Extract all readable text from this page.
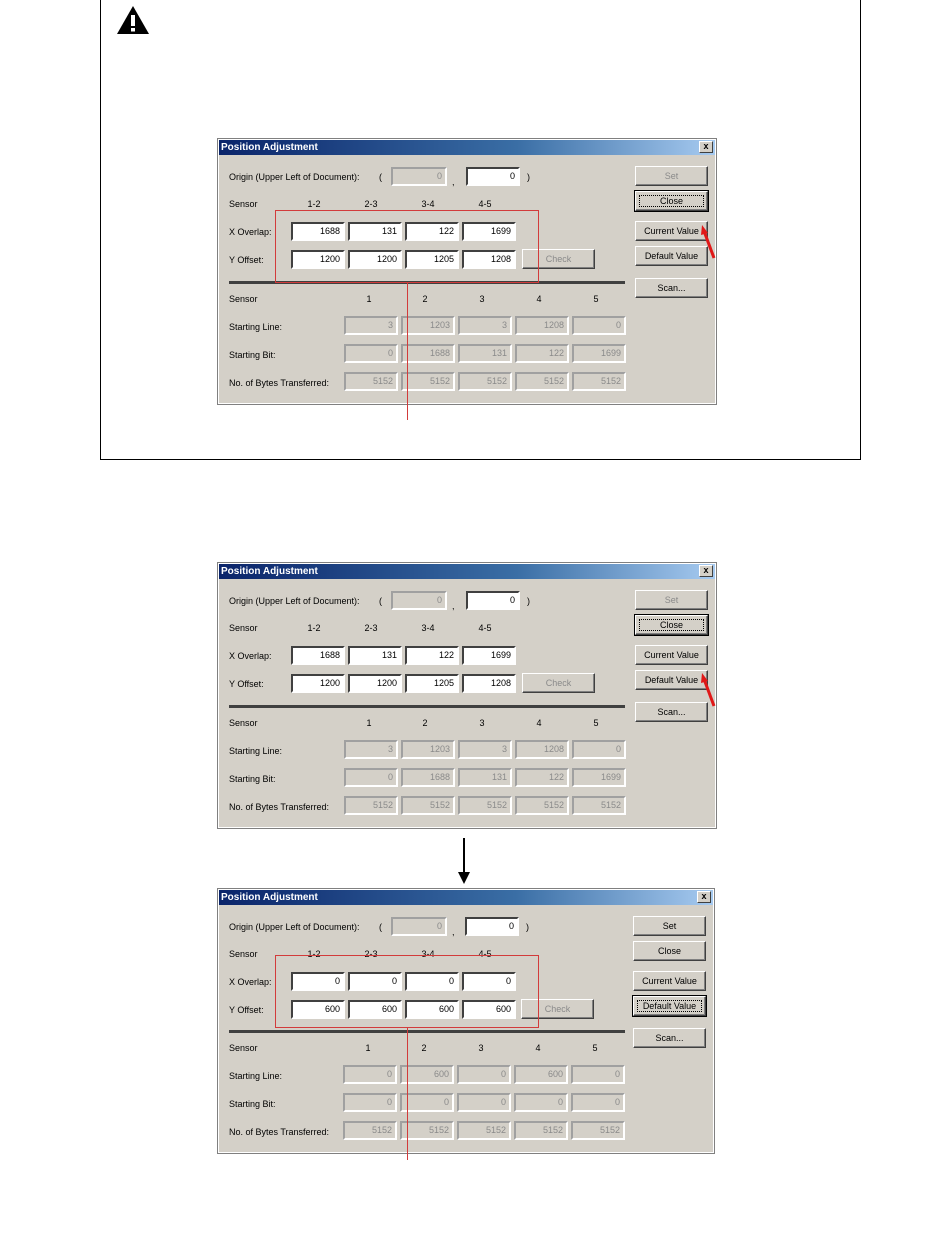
Position Adjustment	x
Origin (Upper Left of Document): (	0
,
0	)
Sensor	1-2	2-3	3-4	4-5
X Overlap:	1688	131	122	1699
Y Offset:	1200	1200	1205	1208	Check
Sensor	1	2	3	4	5
Starting Line:	3	1203	3	1208	0
Starting Bit:	0	1688	131	122	1699
No. of Bytes Transferred:	5152	5152	5152	5152	5152
Set
Close
Current Value
Default Value
Scan...
Position Adjustment	x
Origin (Upper Left of Document): (	0
,
0	)
Sensor	1-2	2-3	3-4	4-5
X Overlap:	1688	131	122	1699
Y Offset:	1200	1200	1205	1208	Check
Sensor	1	2	3	4	5
Starting Line:	3	1203	3	1208	0
Starting Bit:	0	1688	131	122	1699
No. of Bytes Transferred:	5152	5152	5152	5152	5152
Set
Close
Current Value
Default Value
Scan...
Position Adjustment	x
Origin (Upper Left of Document): (	0
,
0	)
Sensor	1-2	2-3	3-4	4-5
X Overlap:	0	0	0	0
Y Offset:	600	600	600	600	Check
Sensor	1	2	3	4	5
Starting Line:	0	600	0	600	0
Starting Bit:	0	0	0	0	0
No. of Bytes Transferred:	5152	5152	5152	5152	5152
Set
Close
Current Value
Default Value
Scan...
